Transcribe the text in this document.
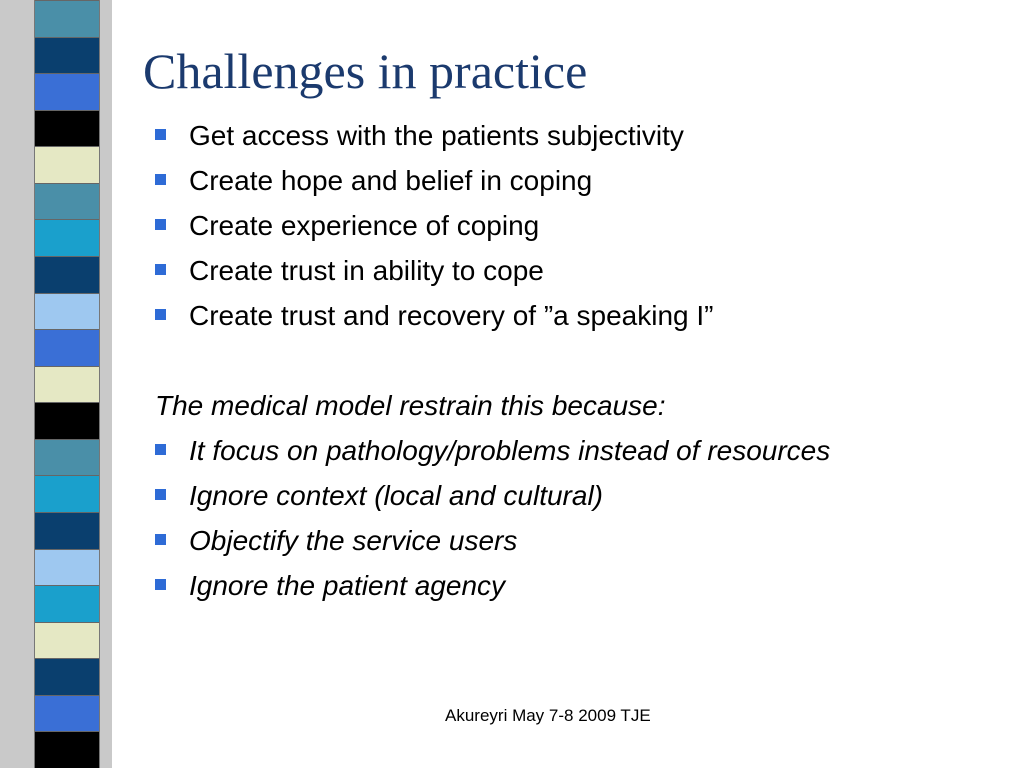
Challenges in practice
Get access with the patients subjectivity
Create hope and belief in coping
Create experience of coping
Create trust in ability to cope
Create trust and recovery of ”a speaking I”
The medical model restrain this because:
It focus on pathology/problems instead of resources
Ignore context (local and cultural)
Objectify the service users
Ignore the patient agency
Akureyri May 7-8 2009 TJE
